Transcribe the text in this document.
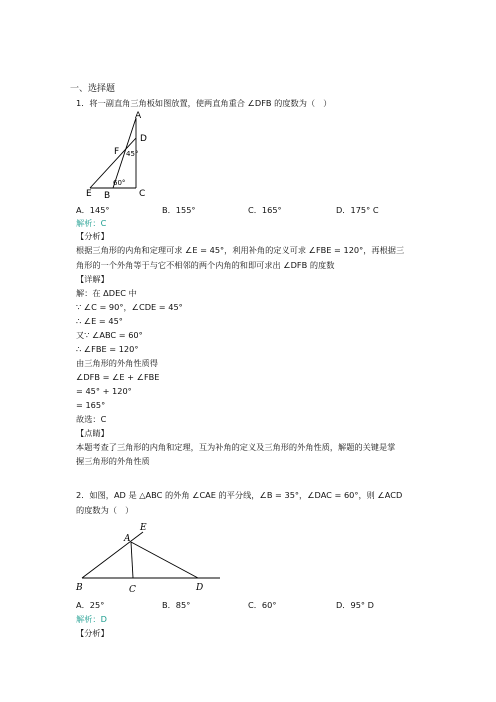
一、选择题
1．将一副直角三角板如图放置，使两直角重合 ∠DFB 的度数为（　）
A
D
F 45°
E
60°
B	C
A．145°	B．155°	C．165°	D．175° C
解析：C
【分析】
根据三角形的内角和定理可求 ∠E = 45°，利用补角的定义可求 ∠FBE = 120°，再根据三
角形的一个外角等于与它不相邻的两个内角的和即可求出 ∠DFB 的度数
【详解】
解：在 ΔDEC 中
∵ ∠C = 90°，∠CDE = 45°
∴ ∠E = 45°
又∵ ∠ABC = 60°
∴ ∠FBE = 120°
由三角形的外角性质得
∠DFB = ∠E + ∠FBE
= 45° + 120°
= 165°
故选：C
【点睛】
本题考查了三角形的内角和定理，互为补角的定义及三角形的外角性质，解题的关键是掌
握三角形的外角性质
2．如图，AD 是 △ABC 的外角 ∠CAE 的平分线，∠B = 35°，∠DAC = 60°，则 ∠ACD
的度数为（　）
E
A
B	C	D
A．25°	B．85°	C．60°	D．95° D
解析：D
【分析】
